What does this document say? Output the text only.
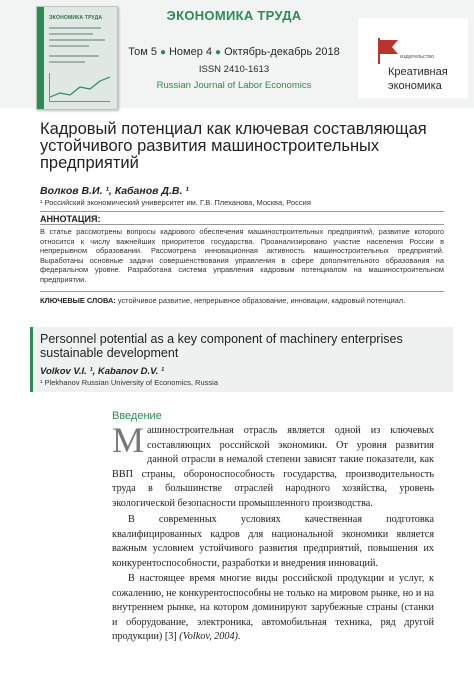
ЭКОНОМИКА ТРУДА	ЭКОНОМИКА ТРУДА
Том 5 ● Номер 4 ● Октябрь-декабрь 2018
ISSN 2410-1613
Russian Journal of Labor Economics
издательство
Креативная
экономика
Кадровый потенциал как ключевая составляющая устойчивого развития машиностроительных предприятий
Волков В.И. ¹, Кабанов Д.В. ¹
¹ Российский экономический университет им. Г.В. Плеханова, Москва, Россия
АННОТАЦИЯ:
В статье рассмотрены вопросы кадрового обеспечения машиностроительных предприятий, развитие которого относится к числу важнейших приоритетов государства. Проанализировано участие населения России в непрерывном образовании. Рассмотрена инновационная активность машиностроительных предприятий. Выработаны основные задачи совершенствования управления в сфере дополнительного образования на федеральном уровне. Разработана система управления кадровым потенциалом на машиностроительном предприятии.
КЛЮЧЕВЫЕ СЛОВА: устойчивое развитие, непрерывное образование, инновации, кадровый потенциал.
Personnel potential as a key component of machinery enterprises sustainable development
Volkov V.I. ¹, Kabanov D.V. ¹
¹ Plekhanov Russian University of Economics, Russia
Введение
Машиностроительная отрасль является одной из ключевых составляющих российской экономики. От уровня развития данной отрасли в немалой степени зависят такие показатели, как ВВП страны, обороноспособность государства, производительность труда в большинстве отраслей народного хозяйства, уровень экологической безопасности промышленного производства.

В современных условиях качественная подготовка квалифицированных кадров для национальной экономики является важным условием устойчивого развития предприятий, повышения их конкурентоспособности, разработки и внедрения инноваций.

В настоящее время многие виды российской продукции и услуг, к сожалению, не конкурентоспособны не только на мировом рынке, но и на внутреннем рынке, на котором доминируют зарубежные страны (станки и оборудование, электроника, автомобильная техника, ряд другой продукции) [3] (Volkov, 2004).
